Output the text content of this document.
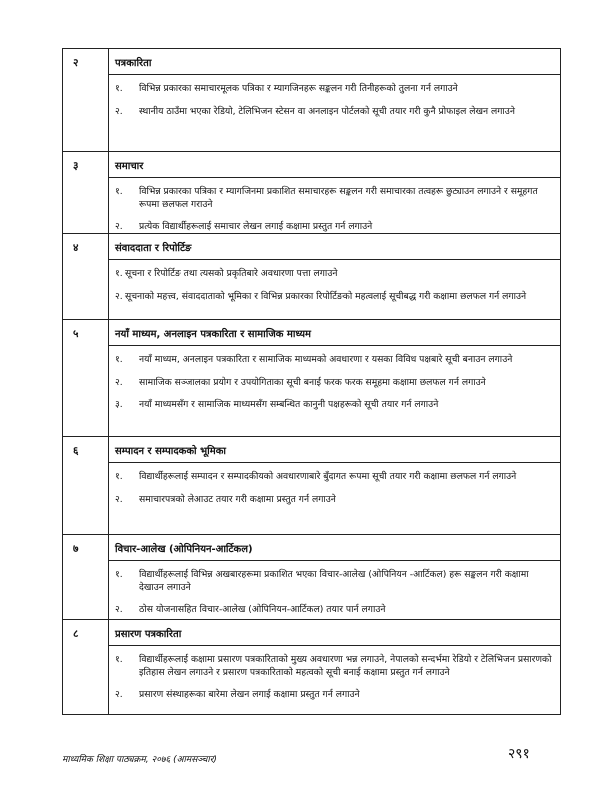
२	पत्रकारिता
१.	विभिन्न प्रकारका समाचारमूलक पत्रिका र म्यागजिनहरू सङ्कलन गरी तिनीहरूको तुलना गर्न लगाउने
२.	स्थानीय ठाउँमा भएका रेडियो, टेलिभिजन स्टेसन वा अनलाइन पोर्टलको सूची तयार गरी कुनै प्रोफाइल लेखन लगाउने
३	समाचार
१.	विभिन्न प्रकारका पत्रिका र म्यागजिनमा प्रकाशित समाचारहरू सङ्कलन गरी समाचारका तत्वहरू छुट्याउन लगाउने र समूहगत रूपमा छलफल गराउने
२.	प्रत्येक विद्यार्थीहरूलाई समाचार लेखन लगाई कक्षामा प्रस्तुत गर्न लगाउने
४	संवाददाता र रिपोर्टिङ
१. सूचना र रिपोर्टिङ तथा त्यसको प्रकृतिबारे अवधारणा पत्ता लगाउने
२. सूचनाको महत्त्व, संवाददाताको भूमिका र विभिन्न प्रकारका रिपोर्टिङको महत्वलाई सूचीबद्ध गरी कक्षामा छलफल गर्न लगाउने
५	नयाँ माध्यम, अनलाइन पत्रकारिता र सामाजिक माध्यम
१.	नयाँ माध्यम, अनलाइन पत्रकारिता र सामाजिक माध्यमको अवधारणा र यसका विविध पक्षबारे सूची बनाउन लगाउने
२.	सामाजिक सञ्जालका प्रयोग र उपयोगिताका सूची बनाई फरक फरक समूहमा कक्षामा छलफल गर्न लगाउने
३.	नयाँ माध्यमसँग र सामाजिक माध्यमसँग सम्बन्धित कानुनी पक्षहरूको सूची तयार गर्न लगाउने
६	सम्पादन र सम्पादकको भूमिका
१.	विद्यार्थीहरूलाई सम्पादन र सम्पादकीयको अवधारणाबारे बुँदागत रूपमा सूची तयार गरी कक्षामा छलफल गर्न लगाउने
२.	समाचारपत्रको लेआउट तयार गरी कक्षामा प्रस्तुत गर्न लगाउने
७	विचार-आलेख (ओपिनियन-आर्टिकल)
१.	विद्यार्थीहरूलाई विभिन्न अखबारहरूमा प्रकाशित भएका विचार-आलेख (ओपिनियन -आर्टिकल) हरू सङ्कलन गरी कक्षामा देखाउन लगाउने
२.	ठोस योजनासहित विचार-आलेख (ओपिनियन-आर्टिकल) तयार पार्न लगाउने
८	प्रसारण पत्रकारिता
१.	विद्यार्थीहरूलाई कक्षामा प्रसारण पत्रकारिताको मुख्य अवधारणा भन्न लगाउने, नेपालको सन्दर्भमा रेडियो र टेलिभिजन प्रसारणको इतिहास लेखन लगाउने र प्रसारण पत्रकारिताको महत्वको सूची बनाई कक्षामा प्रस्तुत गर्न लगाउने
२.	प्रसारण संस्थाहरूका बारेमा लेखन लगाई कक्षामा प्रस्तुत गर्न लगाउने
माध्यमिक शिक्षा पाठ्यक्रम, २०७६ (आमसञ्चार)	२९१
